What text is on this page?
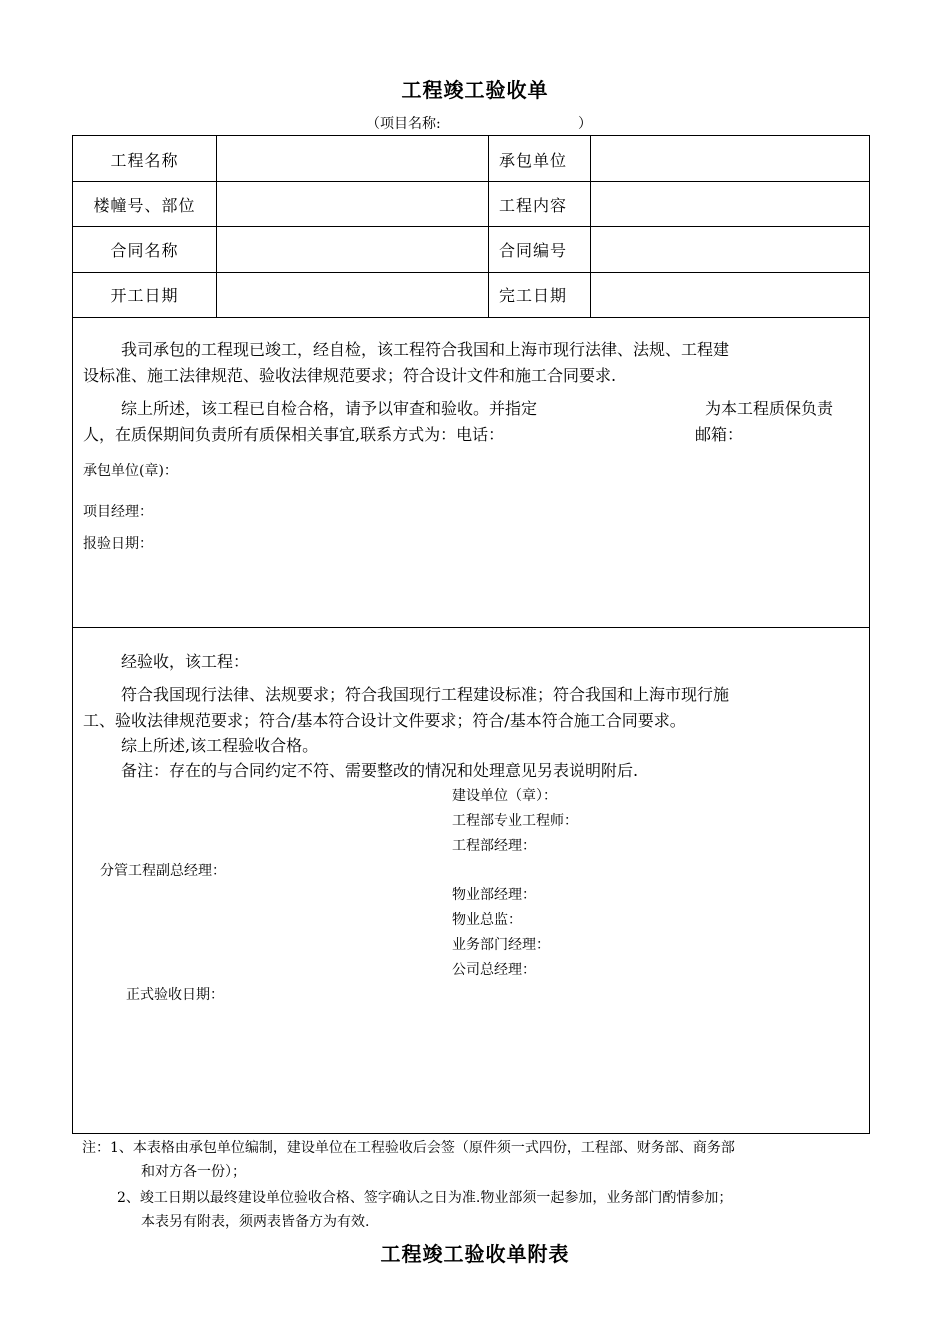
工程竣工验收单
（项目名称:	）
工程名称	承包单位
楼幢号、部位	工程内容
合同名称	合同编号
开工日期	完工日期
我司承包的工程现已竣工，经自检，该工程符合我国和上海市现行法律、法规、工程建
设标准、施工法律规范、验收法律规范要求；符合设计文件和施工合同要求.
综上所述，该工程已自检合格，请予以审查和验收。并指定	为本工程质保负责
人，在质保期间负责所有质保相关事宜,联系方式为：电话：	邮箱：
承包单位(章)：
项目经理：
报验日期：
经验收，该工程：
符合我国现行法律、法规要求；符合我国现行工程建设标准；符合我国和上海市现行施
工、验收法律规范要求；符合/基本符合设计文件要求；符合/基本符合施工合同要求。
综上所述,该工程验收合格。
备注：存在的与合同约定不符、需要整改的情况和处理意见另表说明附后.
建设单位（章）：
工程部专业工程师：
工程部经理：
分管工程副总经理：
物业部经理：
物业总监：
业务部门经理：
公司总经理：
正式验收日期：
注：1、本表格由承包单位编制，建设单位在工程验收后会签（原件须一式四份，工程部、财务部、商务部
和对方各一份）；
2、竣工日期以最终建设单位验收合格、签字确认之日为准.物业部须一起参加，业务部门酌情参加；
本表另有附表，须两表皆备方为有效.
工程竣工验收单附表
